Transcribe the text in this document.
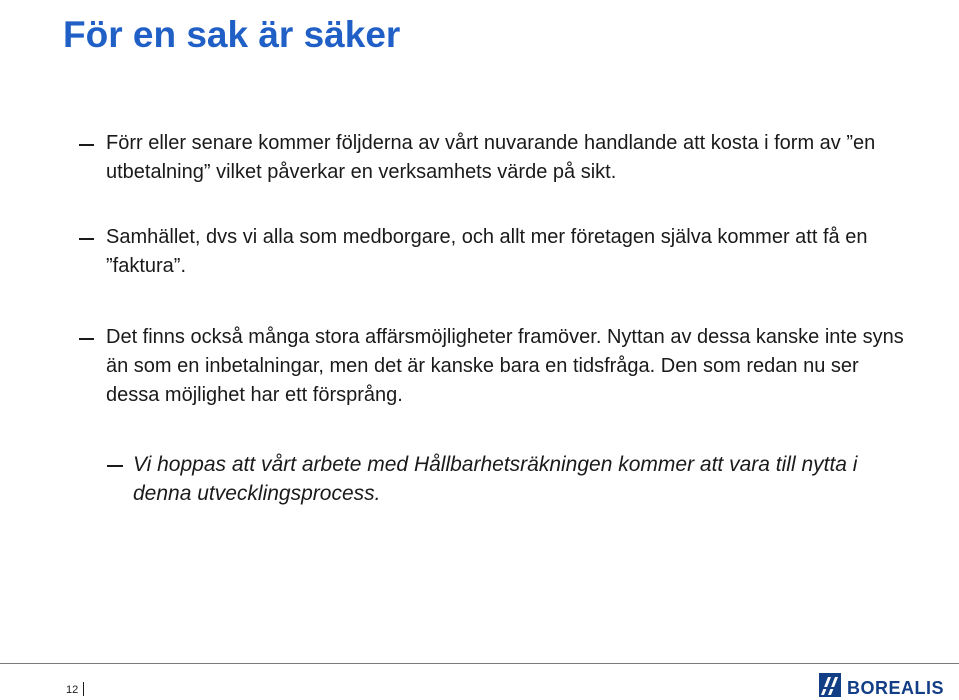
För en sak är säker
Förr eller senare kommer följderna av vårt nuvarande handlande att kosta i form av ”en utbetalning” vilket påverkar en verksamhets värde på sikt.
Samhället, dvs vi alla som medborgare, och allt mer företagen själva kommer att få en ”faktura”.
Det finns också många stora affärsmöjligheter framöver. Nyttan av dessa kanske inte syns än som en inbetalningar, men det är kanske bara en tidsfråga. Den som redan nu ser dessa möjlighet har ett försprång.
Vi hoppas att vårt arbete med Hållbarhetsräkningen kommer att vara till nytta i denna utvecklingsprocess.
12	BOREALIS
